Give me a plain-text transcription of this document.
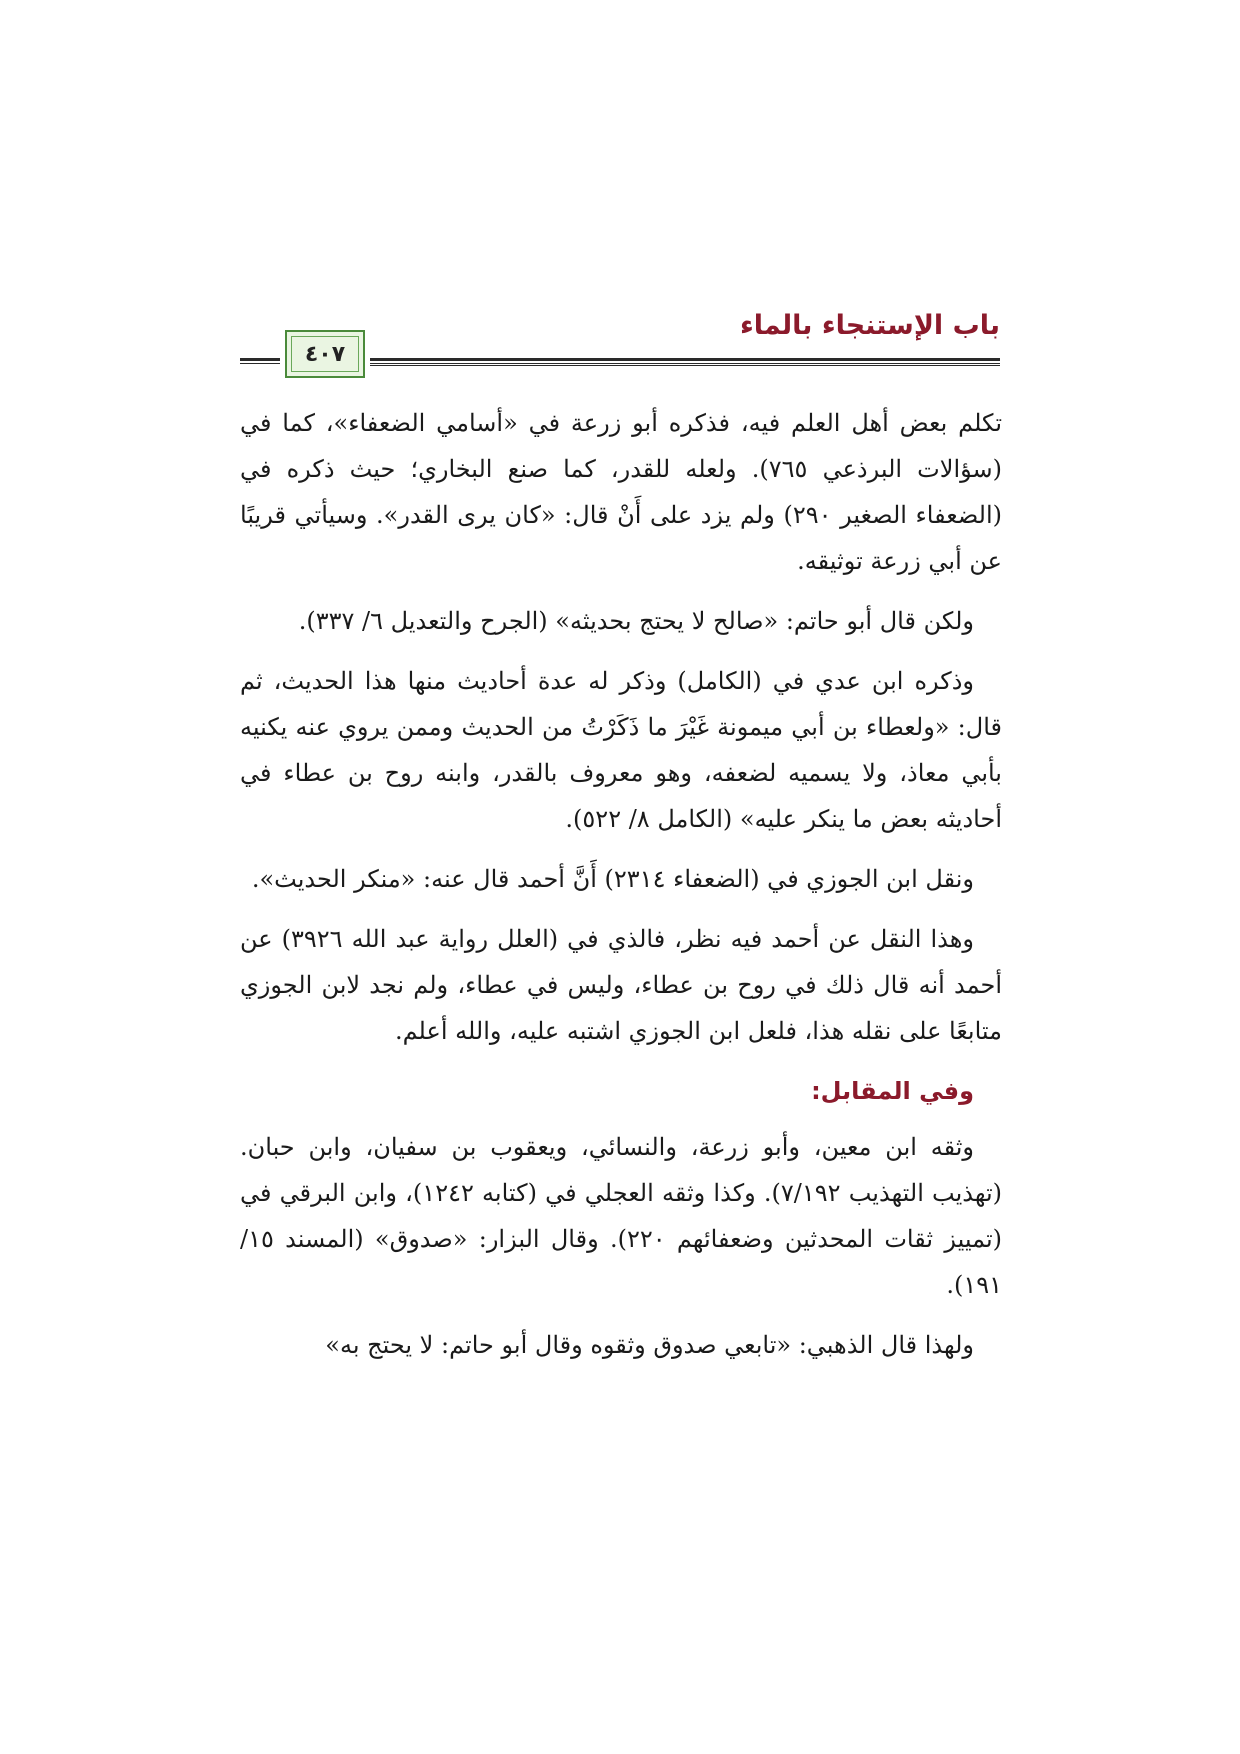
باب الإستنجاء بالماء
٤٠٧

تكلم بعض أهل العلم فيه، فذكره أبو زرعة في «أسامي الضعفاء»، كما في (سؤالات البرذعي ٧٦٥). ولعله للقدر، كما صنع البخاري؛ حيث ذكره في (الضعفاء الصغير ٢٩٠) ولم يزد على أَنْ قال: «كان يرى القدر». وسيأتي قريبًا عن أبي زرعة توثيقه.

ولكن قال أبو حاتم: «صالح لا يحتج بحديثه» (الجرح والتعديل ٦/ ٣٣٧).

وذكره ابن عدي في (الكامل) وذكر له عدة أحاديث منها هذا الحديث، ثم قال: «ولعطاء بن أبي ميمونة غَيْرَ ما ذَكَرْتُ من الحديث وممن يروي عنه يكنيه بأبي معاذ، ولا يسميه لضعفه، وهو معروف بالقدر، وابنه روح بن عطاء في أحاديثه بعض ما ينكر عليه» (الكامل ٨/ ٥٢٢).

ونقل ابن الجوزي في (الضعفاء ٢٣١٤) أَنَّ أحمد قال عنه: «منكر الحديث».

وهذا النقل عن أحمد فيه نظر، فالذي في (العلل رواية عبد الله ٣٩٢٦) عن أحمد أنه قال ذلك في روح بن عطاء، وليس في عطاء، ولم نجد لابن الجوزي متابعًا على نقله هذا، فلعل ابن الجوزي اشتبه عليه، والله أعلم.

وفي المقابل:

وثقه ابن معين، وأبو زرعة، والنسائي، ويعقوب بن سفيان، وابن حبان. (تهذيب التهذيب ٧/١٩٢). وكذا وثقه العجلي في (كتابه ١٢٤٢)، وابن البرقي في (تمييز ثقات المحدثين وضعفائهم ٢٢٠). وقال البزار: «صدوق» (المسند ١٥/ ١٩١).

ولهذا قال الذهبي: «تابعي صدوق وثقوه وقال أبو حاتم: لا يحتج به»
